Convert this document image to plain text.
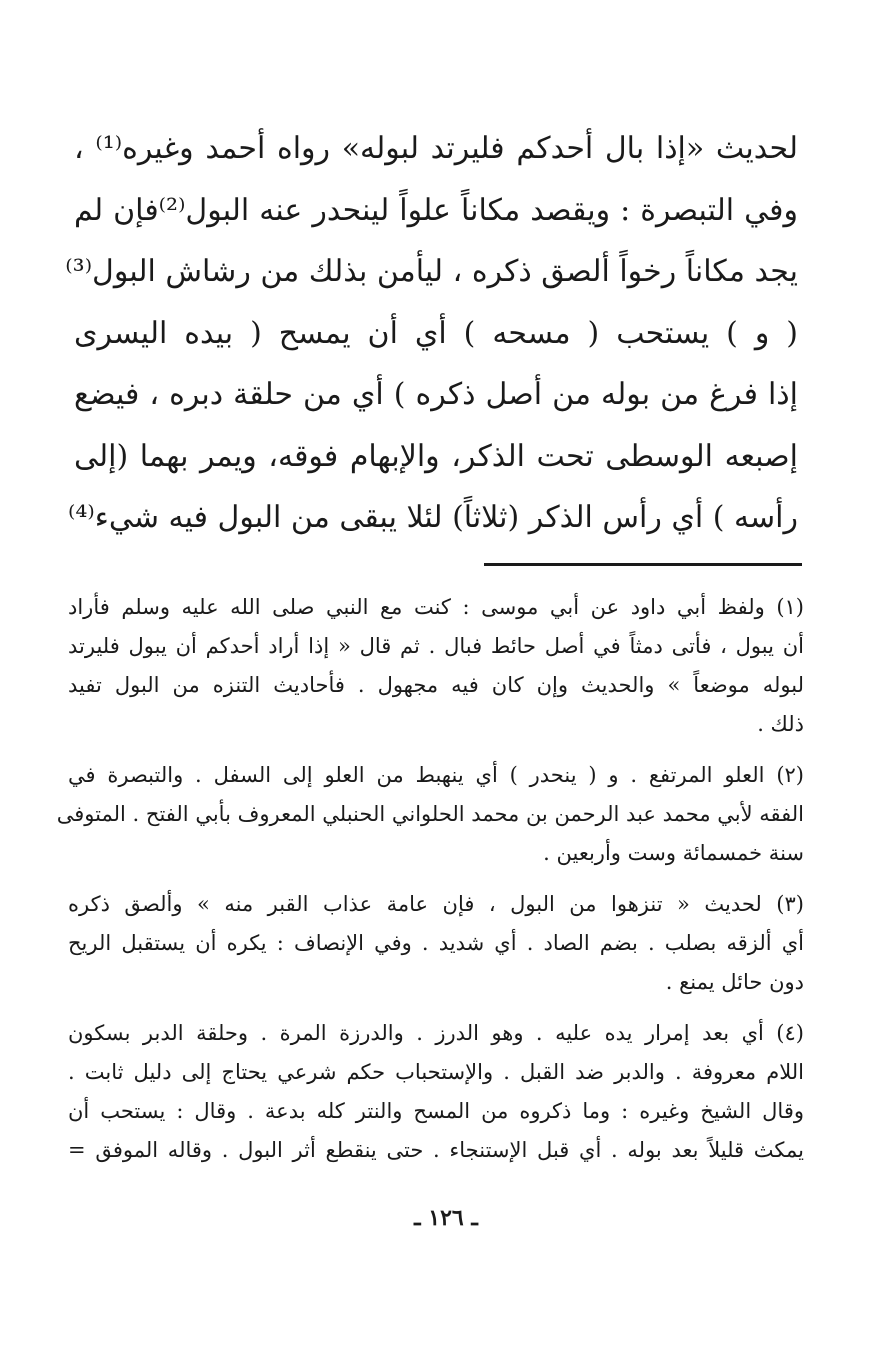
لحديث «إذا بال أحدكم فليرتد لبوله» رواه أحمد وغيره⁽¹⁾ ،
وفي التبصرة : ويقصد مكاناً علواً لينحدر عنه البول⁽²⁾فإن لم
يجد مكاناً رخواً ألصق ذكره ، ليأمن بذلك من رشاش البول⁽³⁾
( و ) يستحب ( مسحه ) أي أن يمسح ( بيده اليسرى
إذا فرغ من بوله من أصل ذكره ) أي من حلقة دبره ، فيضع
إصبعه الوسطى تحت الذكر، والإبهام فوقه، ويمر بهما (إلى
رأسه ) أي رأس الذكر (ثلاثاً) لئلا يبقى من البول فيه شيء⁽⁴⁾
(١) ولفظ أبي داود عن أبي موسى : كنت مع النبي صلى الله عليه وسلم فأراد
أن يبول ، فأتى دمثاً في أصل حائط فبال . ثم قال « إذا أراد أحدكم أن يبول فليرتد
لبوله موضعاً » والحديث وإن كان فيه مجهول . فأحاديث التنزه من البول تفيد
ذلك .
(٢) العلو المرتفع . و ( ينحدر ) أي ينهبط من العلو إلى السفل . والتبصرة في
الفقه لأبي محمد عبد الرحمن بن محمد الحلواني الحنبلي المعروف بأبي الفتح . المتوفى
سنة خمسمائة وست وأربعين .
(٣) لحديث « تنزهوا من البول ، فإن عامة عذاب القبر منه » وألصق ذكره
أي ألزقه بصلب . بضم الصاد . أي شديد . وفي الإنصاف : يكره أن يستقبل الريح
دون حائل يمنع .
(٤) أي بعد إمرار يده عليه . وهو الدرز . والدرزة المرة . وحلقة الدبر بسكون
اللام معروفة . والدبر ضد القبل . والإستحباب حكم شرعي يحتاج إلى دليل ثابت .
وقال الشيخ وغيره : وما ذكروه من المسح والنتر كله بدعة . وقال : يستحب أن
يمكث قليلاً بعد بوله . أي قبل الإستنجاء . حتى ينقطع أثر البول . وقاله الموفق =
ـ ١٢٦ ـ
